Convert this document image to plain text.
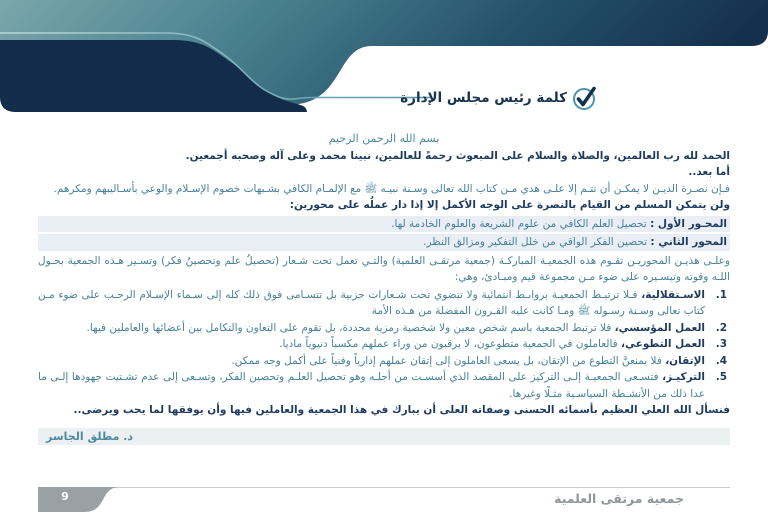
كلمة رئيس مجلس الإدارة

بسم الله الرحمن الرحيم

الحمد لله رب العالمين، والصلاة والسلام على المبعوث رحمةً للعالمين، نبينا محمد وعلى آله وصحبه أجمعين.

أما بعد..

فـإن نصـرة الديـن لا يمكـن أن تتـم إلا علـى هدي مـن كتاب الله تعالى وسـنة نبيـه ﷺ مع الإلمـام الكافي بشـبهات خصوم الإسـلام والوعي بأسـاليبهم ومكرهم.

ولن يتمكن المسلم من القيام بالنصرة على الوجه الأكمل إلا إذا دار عملُه على محورين:

المحـور الأول : تحصيل العلم الكافي من علوم الشريعة والعلوم الخادمة لها.
المحور الثاني : تحصين الفكر الواقي من خلل التفكير ومزالق النظر.

وعلـى هذيـن المحوريـن تقـوم هذه الجمعيـة المباركـة (جمعية مرتقـى العلمية) والتـي تعمل تحت شـعار (تحصيلُ علم وتحصينُ فكر) وتسـير هـذه الجمعية بحـول اللـه وقوته وتيسـيره على ضوء مـن مجموعة قيم ومبـادئ، وهي:

1.
الاسـتقلالية، فـلا ترتبـط الجمعيـة بروابـط انتمائية ولا تنضوي تحت شـعارات حزبية بل تتسـامى فوق ذلك كله إلى سـماء الإسـلام الرحـب على ضوء مـن كتاب تعالى وسـنة رسـوله ﷺ ومـا كانت عليه القـرون المفضلة من هـذه الأمة
2.
العمل المؤسسي، فلا ترتبط الجمعية باسم شخص معين ولا شخصية رمزية محددة، بل تقوم على التعاون والتكامل بين أعضائها والعاملين فيها.
3.
العمل التطوعي، فالعاملون في الجمعية متطوعون، لا يرقبون من وراء عملهم مكسباً دنيوياً ماديا.
4.
الإتقان، فلا يمنعنَّ التطوع من الإتقان، بل يسعى العاملون إلى إتقان عملهم إدارياً وفنياً على أكمل وجه ممكن.
5.
التركيـز، فتسـعى الجمعيـة إلـى التركيز على المقصد الذي أسسـت من أجلـه وهو تحصيل العلـم وتحصين الفكر، وتسـعى إلى عدم تشـتيت جهودها إلـى ما عدا ذلك من الأنشـطة السياسـية مثـلًا وغيرها.

فنسأل الله العلي العظيم بأسمائه الحسنى وصفاته العلى أن يبارك في هذا الجمعية والعاملين فيها وأن يوفقها لما يحب ويرضى..

د. مطلق الجاسر
9	جمعية مرتقى العلمية
